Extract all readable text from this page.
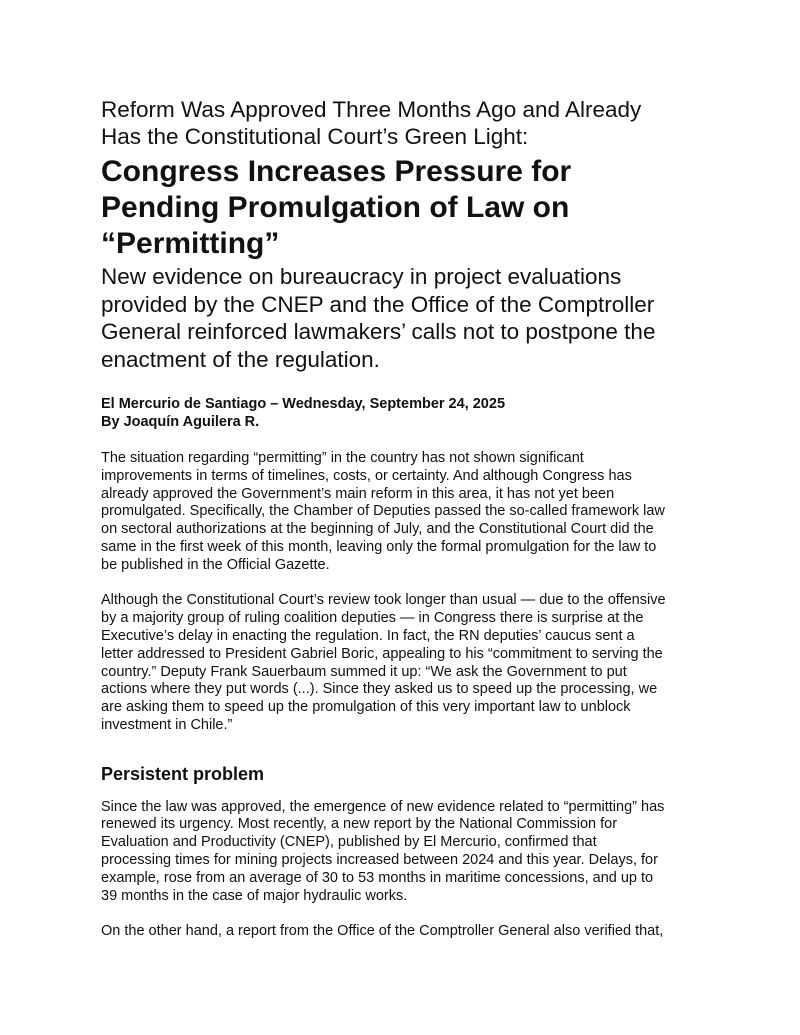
Reform Was Approved Three Months Ago and Already
Has the Constitutional Court’s Green Light:
Congress Increases Pressure for
Pending Promulgation of Law on
“Permitting”

New evidence on bureaucracy in project evaluations
provided by the CNEP and the Office of the Comptroller
General reinforced lawmakers’ calls not to postpone the
enactment of the regulation.

El Mercurio de Santiago – Wednesday, September 24, 2025
By Joaquín Aguilera R.

The situation regarding “permitting” in the country has not shown significant
improvements in terms of timelines, costs, or certainty. And although Congress has
already approved the Government’s main reform in this area, it has not yet been
promulgated. Specifically, the Chamber of Deputies passed the so-called framework law
on sectoral authorizations at the beginning of July, and the Constitutional Court did the
same in the first week of this month, leaving only the formal promulgation for the law to
be published in the Official Gazette.

Although the Constitutional Court’s review took longer than usual — due to the offensive
by a majority group of ruling coalition deputies — in Congress there is surprise at the
Executive’s delay in enacting the regulation. In fact, the RN deputies’ caucus sent a
letter addressed to President Gabriel Boric, appealing to his “commitment to serving the
country.” Deputy Frank Sauerbaum summed it up: “We ask the Government to put
actions where they put words (...). Since they asked us to speed up the processing, we
are asking them to speed up the promulgation of this very important law to unblock
investment in Chile.”

Persistent problem

Since the law was approved, the emergence of new evidence related to “permitting” has
renewed its urgency. Most recently, a new report by the National Commission for
Evaluation and Productivity (CNEP), published by El Mercurio, confirmed that
processing times for mining projects increased between 2024 and this year. Delays, for
example, rose from an average of 30 to 53 months in maritime concessions, and up to
39 months in the case of major hydraulic works.

On the other hand, a report from the Office of the Comptroller General also verified that,
